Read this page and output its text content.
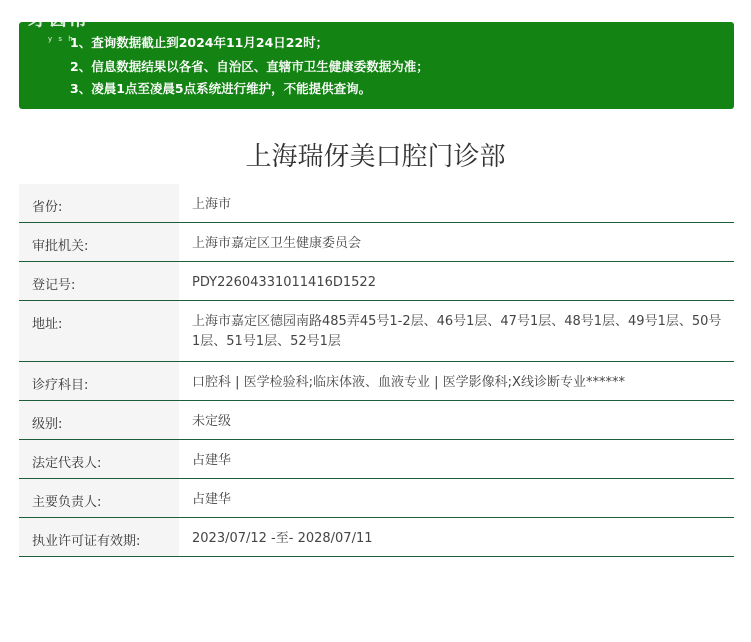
1、查询数据截止到2024年11月24日22时；
2、信息数据结果以各省、自治区、直辖市卫生健康委数据为准；
3、凌晨1点至凌晨5点系统进行维护，不能提供查询。
牙齿帮
y s h
上海瑞伢美口腔门诊部
省份:	上海市
审批机关:	上海市嘉定区卫生健康委员会
登记号:	PDY22604331011416D1522
地址:	上海市嘉定区德园南路485弄45号1-2层、46号1层、47号1层、48号1层、49号1层、50号1层、51号1层、52号1层
诊疗科目:	口腔科 | 医学检验科;临床体液、血液专业 | 医学影像科;X线诊断专业******
级别:	未定级
法定代表人:	占建华
主要负责人:	占建华
执业许可证有效期:	2023/07/12 -至- 2028/07/11
